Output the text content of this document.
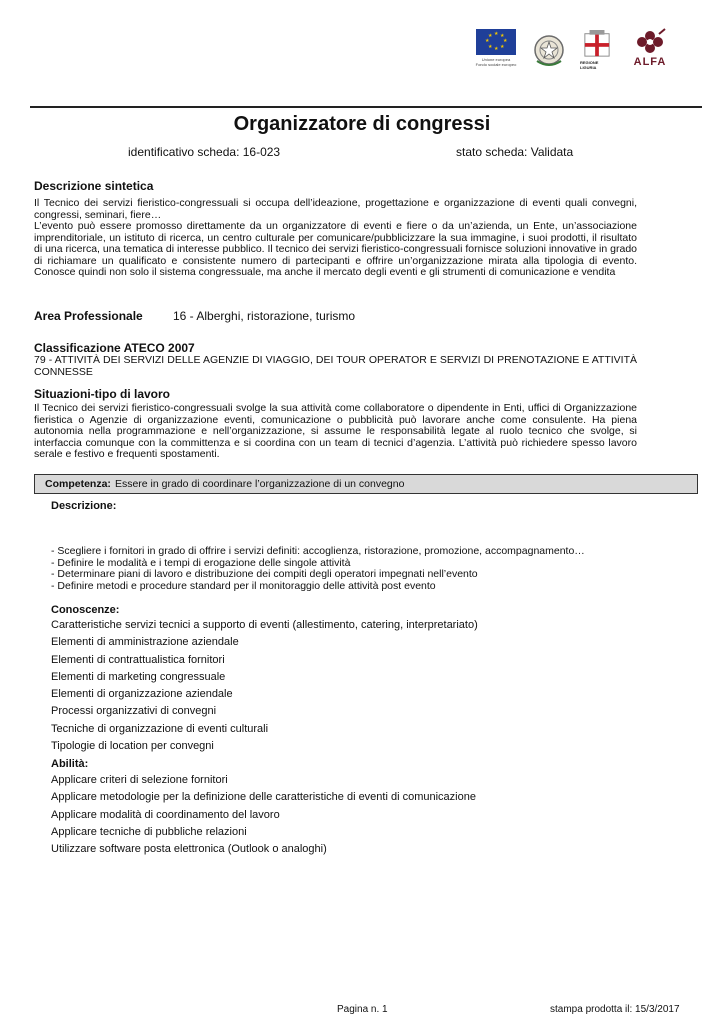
★ ★
★
★
★
★
★
★
Unione europea
Fondo sociale europeo	REGIONE LIGURIA	ALFA
Organizzatore di congressi
identificativo scheda: 16-023	stato scheda: Validata
Descrizione sintetica
Il Tecnico dei servizi fieristico-congressuali si occupa dell’ideazione, progettazione e organizzazione di eventi quali convegni, congressi, seminari, fiere…
L’evento può essere promosso direttamente da un organizzatore di eventi e fiere o da un’azienda, un Ente, un’associazione imprenditoriale, un istituto di ricerca, un centro culturale per comunicare/pubblicizzare la sua immagine, i suoi prodotti, il risultato di una ricerca, una tematica di interesse pubblico. Il tecnico dei servizi fieristico-congressuali fornisce soluzioni innovative in grado di richiamare un qualificato e consistente numero di partecipanti e offrire un’organizzazione mirata alla tipologia di evento. Conosce quindi non solo il sistema congressuale, ma anche il mercato degli eventi e gli strumenti di comunicazione e vendita
Area Professionale	16 - Alberghi, ristorazione, turismo
Classificazione ATECO 2007
79 - ATTIVITÀ DEI SERVIZI DELLE AGENZIE DI VIAGGIO, DEI TOUR OPERATOR E SERVIZI DI PRENOTAZIONE E ATTIVITÀ CONNESSE
Situazioni-tipo di lavoro
Il Tecnico dei servizi fieristico-congressuali svolge la sua attività come collaboratore o dipendente in Enti, uffici di Organizzazione fieristica o Agenzie di organizzazione eventi, comunicazione o pubblicità può lavorare anche come consulente. Ha piena autonomia nella programmazione e nell’organizzazione, si assume le responsabilità legate al ruolo tecnico che svolge, si interfaccia comunque con la committenza e si coordina con un team di tecnici d’agenzia. L’attività può richiedere spesso lavoro serale e festivo e frequenti spostamenti.
Competenza: Essere in grado di coordinare l’organizzazione di un convegno
Descrizione:
- Scegliere i fornitori in grado di offrire i servizi definiti: accoglienza, ristorazione, promozione, accompagnamento…
- Definire le modalità e i tempi di erogazione delle singole attività
- Determinare piani di lavoro e distribuzione dei compiti degli operatori impegnati nell’evento
- Definire metodi e procedure standard per il monitoraggio delle attività post evento
Conoscenze:
Caratteristiche servizi tecnici a supporto di eventi (allestimento, catering, interpretariato)
Elementi di amministrazione aziendale
Elementi di contrattualistica fornitori
Elementi di marketing congressuale
Elementi di organizzazione aziendale
Processi organizzativi di convegni
Tecniche di organizzazione di eventi culturali
Tipologie di location per convegni
Abilità:
Applicare criteri di selezione fornitori
Applicare metodologie per la definizione delle caratteristiche di eventi di comunicazione
Applicare modalità di coordinamento del lavoro
Applicare tecniche di pubbliche relazioni
Utilizzare software posta elettronica (Outlook o analoghi)
Pagina n. 1	stampa prodotta il: 15/3/2017
